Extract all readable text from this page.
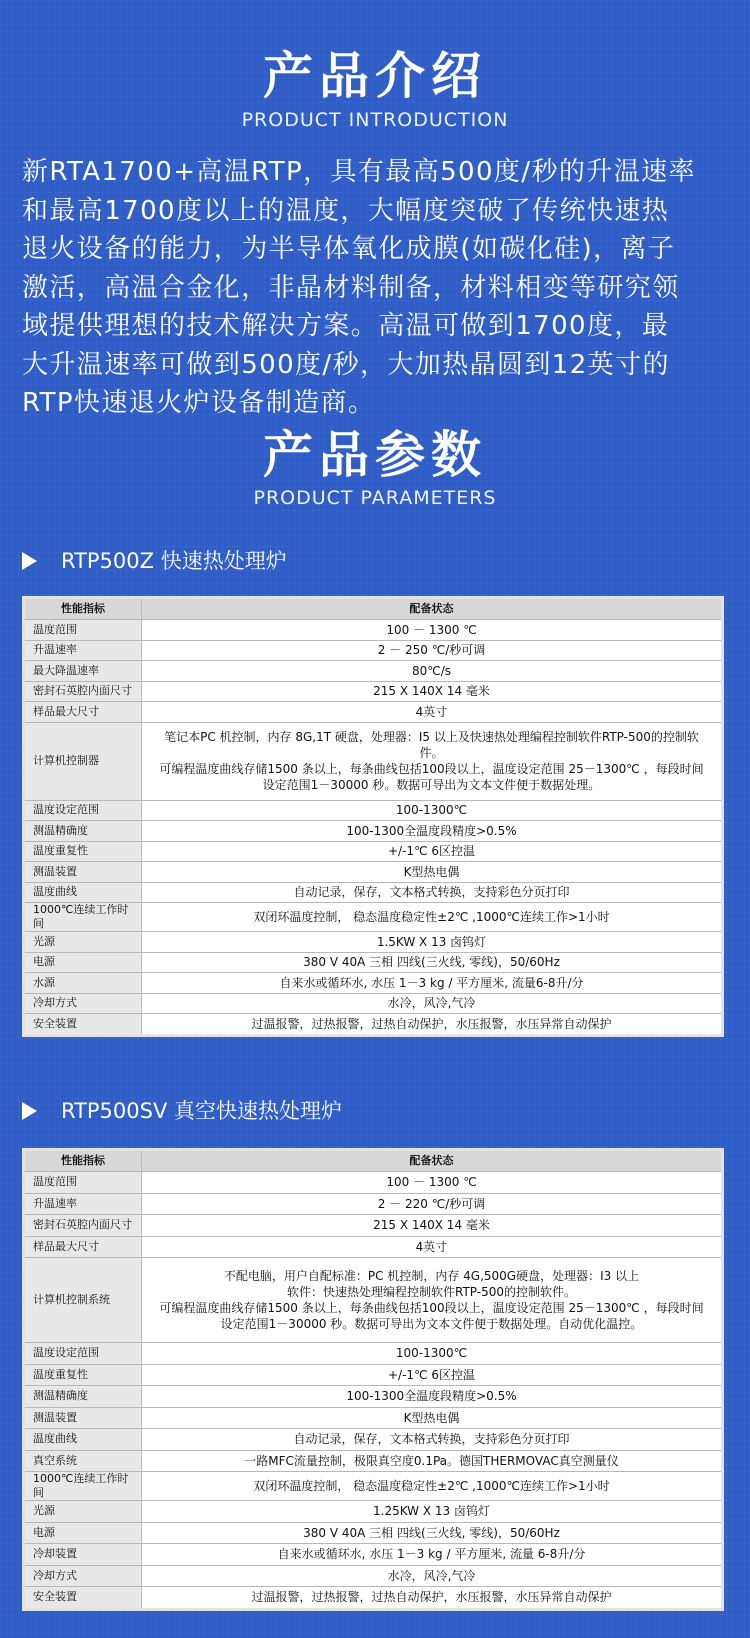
产品介绍
PRODUCT INTRODUCTION
新RTA1700+高温RTP，具有最高500度/秒的升温速率
和最高1700度以上的温度，大幅度突破了传统快速热
退火设备的能力，为半导体氧化成膜(如碳化硅)，离子
激活，高温合金化，非晶材料制备，材料相变等研究领
域提供理想的技术解决方案。高温可做到1700度，最
大升温速率可做到500度/秒，大加热晶圆到12英寸的
RTP快速退火炉设备制造商。
产品参数
PRODUCT PARAMETERS
RTP500Z 快速热处理炉
性能指标	配备状态
温度范围	100 － 1300 ℃
升温速率	2 － 250 ℃/秒可调
最大降温速率	80℃/s
密封石英腔内面尺寸	215 X 140X 14 毫米
样品最大尺寸	4英寸
计算机控制器	笔记本PC 机控制，内存 8G,1T 硬盘，处理器：I5 以上及快速热处理编程控制软件RTP-500的控制软件。
可编程温度曲线存储1500 条以上，每条曲线包括100段以上，温度设定范围 25－1300℃ ，每段时间设定范围1－30000 秒。数据可导出为文本文件便于数据处理。
温度设定范围	100-1300℃
测温精确度	100-1300全温度段精度>0.5%
温度重复性	+/-1℃ 6区控温
测温装置	K型热电偶
温度曲线	自动记录，保存，文本格式转换，支持彩色分页打印
1000℃连续工作时间	双闭环温度控制， 稳态温度稳定性±2℃ ,1000℃连续工作>1小时
光源	1.5KW X 13 卤钨灯
电源	380 V 40A 三相 四线(三火线, 零线)，50/60Hz
水源	自来水或循环水, 水压 1－3 kg / 平方厘米, 流量6-8升/分
冷却方式	水冷，风冷,气冷
安全装置	过温报警，过热报警，过热自动保护，水压报警，水压异常自动保护
RTP500SV 真空快速热处理炉
性能指标	配备状态
温度范围	100 － 1300 ℃
升温速率	2 － 220 ℃/秒可调
密封石英腔内面尺寸	215 X 140X 14 毫米
样品最大尺寸	4英寸
计算机控制系统	不配电脑，用户自配标准：PC 机控制，内存 4G,500G硬盘，处理器：I3 以上
软件：快速热处理编程控制软件RTP-500的控制软件。
可编程温度曲线存储1500 条以上，每条曲线包括100段以上，温度设定范围 25－1300℃ ，每段时间设定范围1－30000 秒。数据可导出为文本文件便于数据处理。自动优化温控。
温度设定范围	100-1300℃
温度重复性	+/-1℃ 6区控温
测温精确度	100-1300全温度段精度>0.5%
测温装置	K型热电偶
温度曲线	自动记录，保存，文本格式转换，支持彩色分页打印
真空系统	一路MFC流量控制，极限真空度0.1Pa。德国THERMOVAC真空测量仪
1000℃连续工作时间	双闭环温度控制， 稳态温度稳定性±2℃ ,1000℃连续工作>1小时
光源	1.25KW X 13 卤钨灯
电源	380 V 40A 三相 四线(三火线, 零线)，50/60Hz
冷却装置	自来水或循环水, 水压 1－3 kg / 平方厘米, 流量 6-8升/分
冷却方式	水冷，风冷,气冷
安全装置	过温报警，过热报警，过热自动保护，水压报警，水压异常自动保护
